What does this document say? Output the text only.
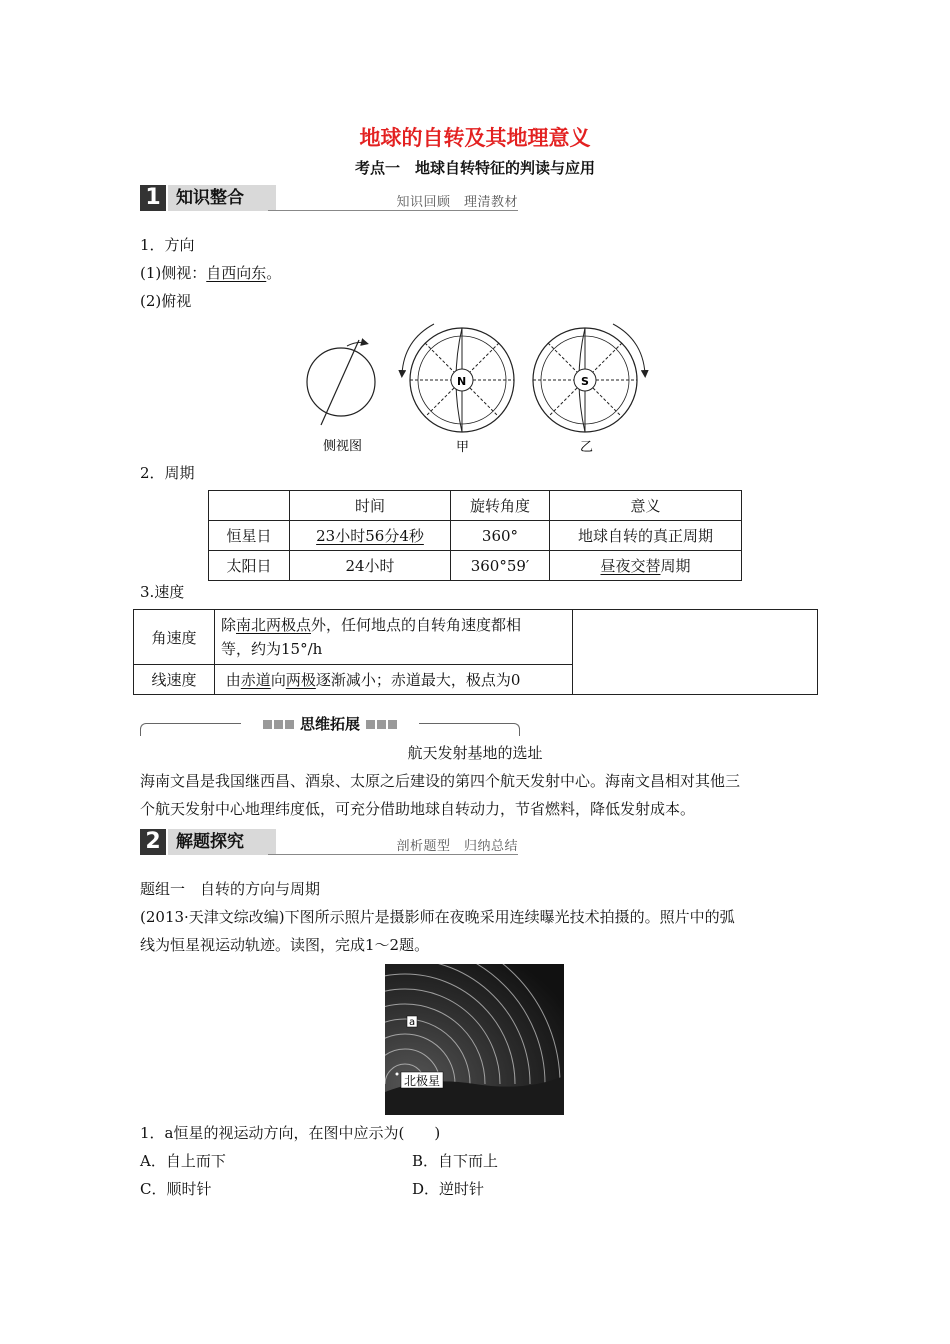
地球的自转及其地理意义
考点一　地球自转特征的判读与应用
1 知识整合	知识回顾　理清教材
1．方向
(1)侧视：自西向东。
(2)俯视
侧视图
N
甲
S
乙
2．周期
	时间	旋转角度	意义
恒星日	23小时56分4秒	360°	地球自转的真正周期
太阳日	24小时	360°59′	昼夜交替周期
3.速度
角速度	除南北两极点外，任何地点的自转角速度都相
等，约为15°/h	
线速度	由赤道向两极逐渐减小；赤道最大，极点为0	
思维拓展
航天发射基地的选址
海南文昌是我国继西昌、酒泉、太原之后建设的第四个航天发射中心。海南文昌相对其他三
个航天发射中心地理纬度低，可充分借助地球自转动力，节省燃料，降低发射成本。
2 解题探究	剖析题型　归纳总结
题组一　自转的方向与周期
(2013·天津文综改编)下图所示照片是摄影师在夜晚采用连续曝光技术拍摄的。照片中的弧
线为恒星视运动轨迹。读图，完成1～2题。
a
北极星
1．a恒星的视运动方向，在图中应示为(　　)
A．自上而下	B．自下而上
C．顺时针	D．逆时针
